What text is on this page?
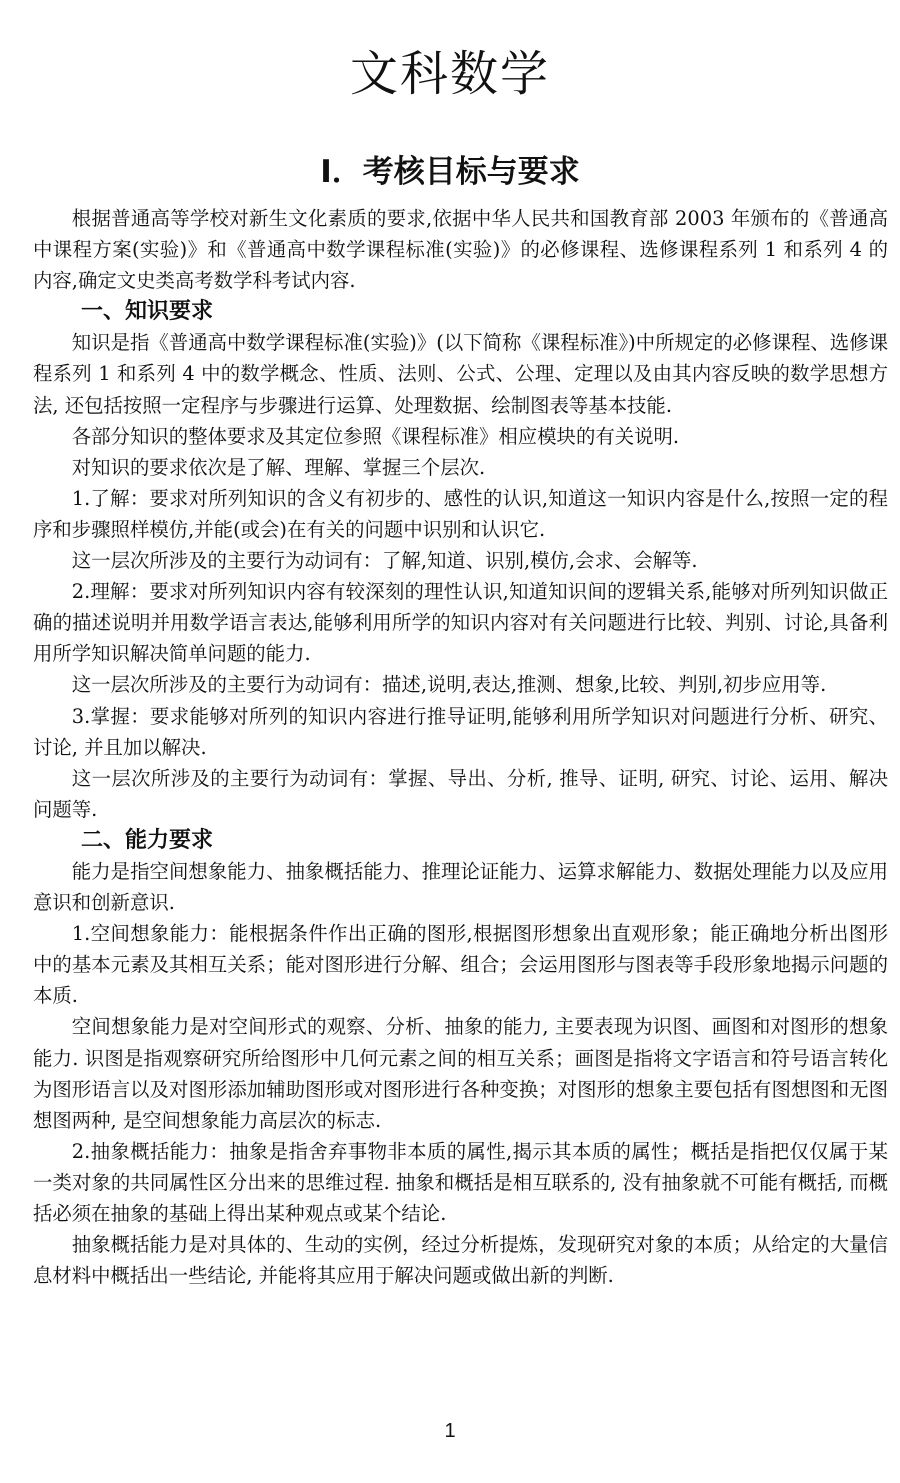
文科数学
Ⅰ．考核目标与要求

根据普通高等学校对新生文化素质的要求,依据中华人民共和国教育部 2003 年颁布的《普通高中课程方案(实验)》和《普通高中数学课程标准(实验)》的必修课程、选修课程系列 1 和系列 4 的内容,确定文史类高考数学科考试内容.

一、知识要求

知识是指《普通高中数学课程标准(实验)》(以下简称《课程标准》)中所规定的必修课程、选修课程系列 1 和系列 4 中的数学概念、性质、法则、公式、公理、定理以及由其内容反映的数学思想方法, 还包括按照一定程序与步骤进行运算、处理数据、绘制图表等基本技能.

各部分知识的整体要求及其定位参照《课程标准》相应模块的有关说明.

对知识的要求依次是了解、理解、掌握三个层次.

1.了解：要求对所列知识的含义有初步的、感性的认识,知道这一知识内容是什么,按照一定的程序和步骤照样模仿,并能(或会)在有关的问题中识别和认识它.

这一层次所涉及的主要行为动词有：了解,知道、识别,模仿,会求、会解等.

2.理解：要求对所列知识内容有较深刻的理性认识,知道知识间的逻辑关系,能够对所列知识做正确的描述说明并用数学语言表达,能够利用所学的知识内容对有关问题进行比较、判别、讨论,具备利用所学知识解决简单问题的能力.

这一层次所涉及的主要行为动词有：描述,说明,表达,推测、想象,比较、判别,初步应用等.

3.掌握：要求能够对所列的知识内容进行推导证明,能够利用所学知识对问题进行分析、研究、讨论, 并且加以解决.

这一层次所涉及的主要行为动词有：掌握、导出、分析, 推导、证明, 研究、讨论、运用、解决问题等.

二、能力要求

能力是指空间想象能力、抽象概括能力、推理论证能力、运算求解能力、数据处理能力以及应用意识和创新意识.

1.空间想象能力：能根据条件作出正确的图形,根据图形想象出直观形象；能正确地分析出图形中的基本元素及其相互关系；能对图形进行分解、组合；会运用图形与图表等手段形象地揭示问题的本质.

空间想象能力是对空间形式的观察、分析、抽象的能力, 主要表现为识图、画图和对图形的想象能力. 识图是指观察研究所给图形中几何元素之间的相互关系；画图是指将文字语言和符号语言转化为图形语言以及对图形添加辅助图形或对图形进行各种变换；对图形的想象主要包括有图想图和无图想图两种, 是空间想象能力高层次的标志.

2.抽象概括能力：抽象是指舍弃事物非本质的属性,揭示其本质的属性；概括是指把仅仅属于某一类对象的共同属性区分出来的思维过程. 抽象和概括是相互联系的, 没有抽象就不可能有概括, 而概括必须在抽象的基础上得出某种观点或某个结论.

抽象概括能力是对具体的、生动的实例，经过分析提炼，发现研究对象的本质；从给定的大量信息材料中概括出一些结论, 并能将其应用于解决问题或做出新的判断.

1
